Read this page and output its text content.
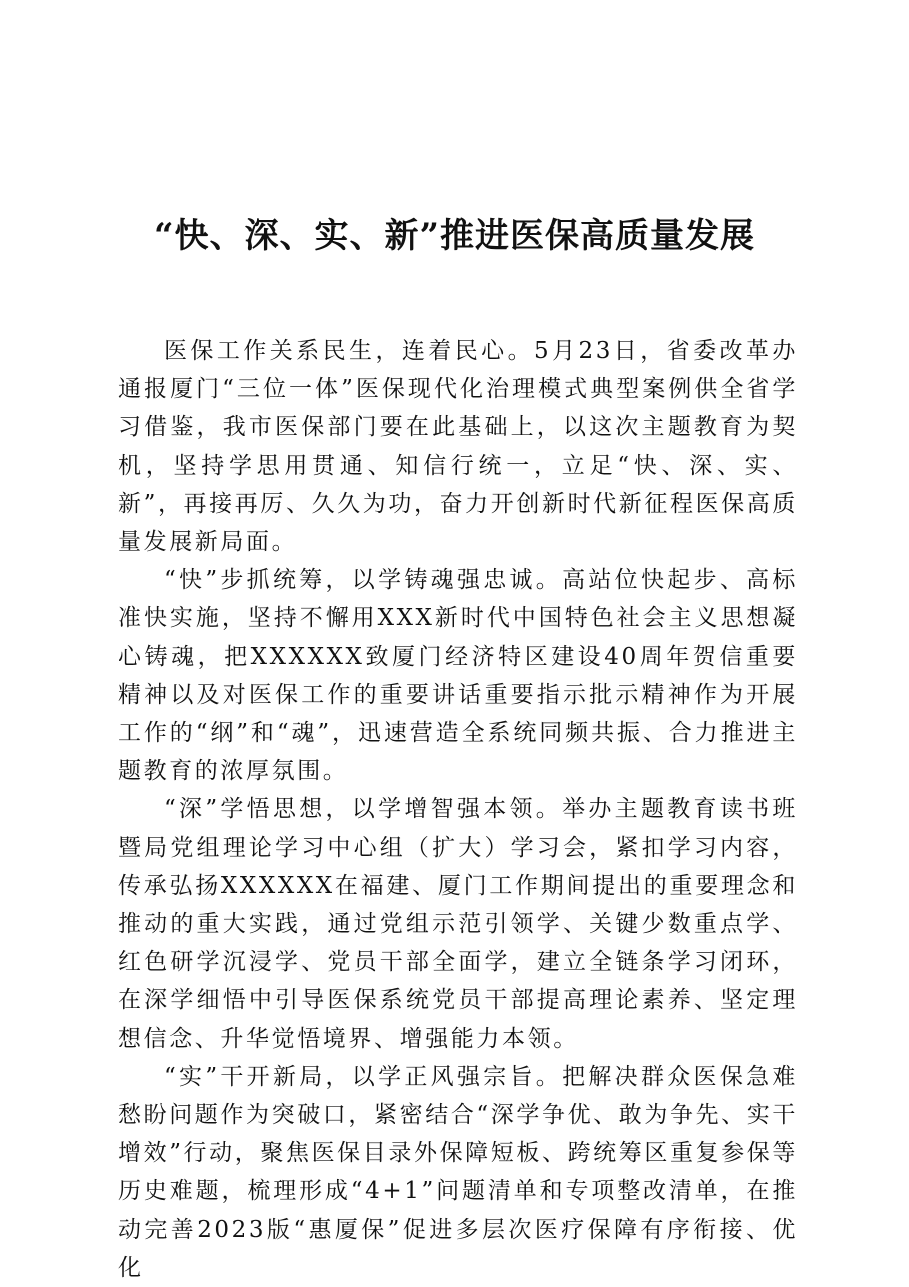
“快、深、实、新”推进医保高质量发展

医保工作关系民生，连着民心。5月23日，省委改革办通报厦门“三位一体”医保现代化治理模式典型案例供全省学习借鉴，我市医保部门要在此基础上，以这次主题教育为契机，坚持学思用贯通、知信行统一，立足“快、深、实、新”，再接再厉、久久为功，奋力开创新时代新征程医保高质量发展新局面。

“快”步抓统筹，以学铸魂强忠诚。高站位快起步、高标准快实施，坚持不懈用XXX新时代中国特色社会主义思想凝心铸魂，把XXXXXX致厦门经济特区建设40周年贺信重要精神以及对医保工作的重要讲话重要指示批示精神作为开展工作的“纲”和“魂”，迅速营造全系统同频共振、合力推进主题教育的浓厚氛围。

“深”学悟思想，以学增智强本领。举办主题教育读书班暨局党组理论学习中心组（扩大）学习会，紧扣学习内容，传承弘扬XXXXXX在福建、厦门工作期间提出的重要理念和推动的重大实践，通过党组示范引领学、关键少数重点学、红色研学沉浸学、党员干部全面学，建立全链条学习闭环，在深学细悟中引导医保系统党员干部提高理论素养、坚定理想信念、升华觉悟境界、增强能力本领。

“实”干开新局，以学正风强宗旨。把解决群众医保急难愁盼问题作为突破口，紧密结合“深学争优、敢为争先、实干增效”行动，聚焦医保目录外保障短板、跨统筹区重复参保等历史难题，梳理形成“4+1”问题清单和专项整改清单，在推动完善2023版“惠厦保”促进多层次医疗保障有序衔接、优化
